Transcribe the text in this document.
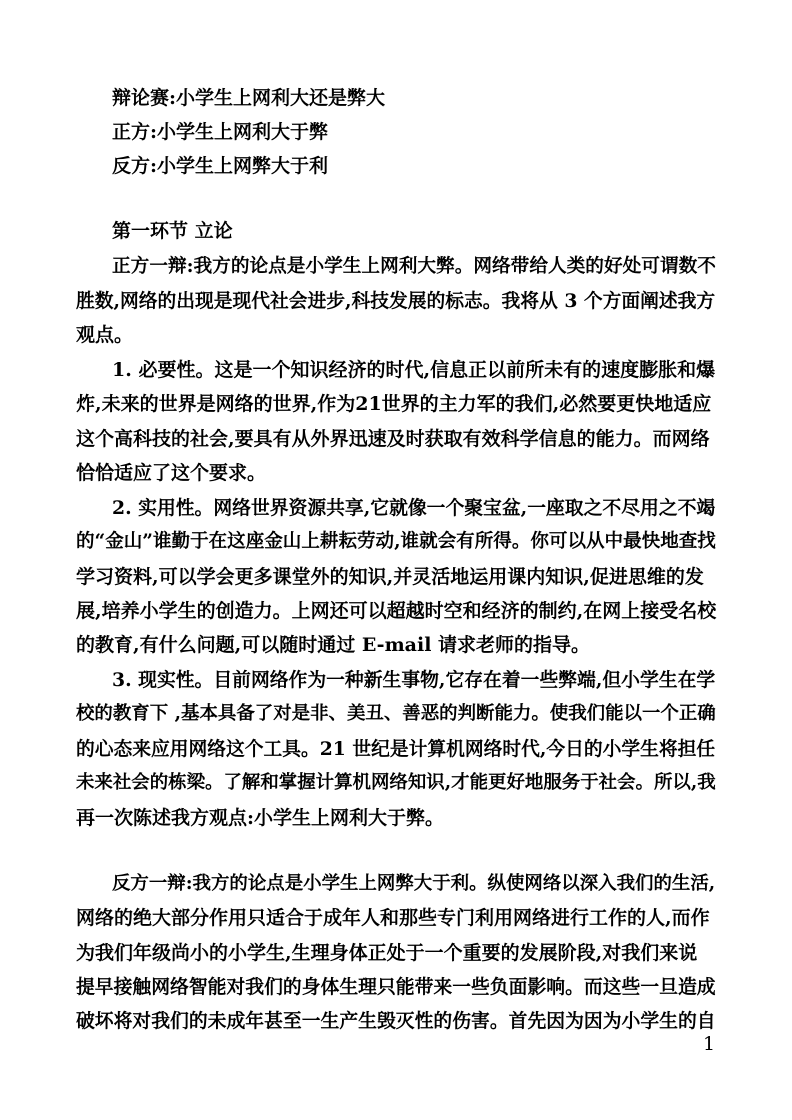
辩论赛:小学生上网利大还是弊大
正方:小学生上网利大于弊
反方:小学生上网弊大于利
第一环节 立论
正方一辩:我方的论点是小学生上网利大弊。网络带给人类的好处可谓数不
胜数,网络的出现是现代社会进步,科技发展的标志。我将从 3 个方面阐述我方
观点。
1. 必要性。这是一个知识经济的时代,信息正以前所未有的速度膨胀和爆
炸,未来的世界是网络的世界,作为21世界的主力军的我们,必然要更快地适应
这个高科技的社会,要具有从外界迅速及时获取有效科学信息的能力。而网络
恰恰适应了这个要求。
2. 实用性。网络世界资源共享,它就像一个聚宝盆,一座取之不尽用之不竭
的“金山”谁勤于在这座金山上耕耘劳动,谁就会有所得。你可以从中最快地查找
学习资料,可以学会更多课堂外的知识,并灵活地运用课内知识,促进思维的发
展,培养小学生的创造力。上网还可以超越时空和经济的制约,在网上接受名校
的教育,有什么问题,可以随时通过 E-mail 请求老师的指导。
3. 现实性。目前网络作为一种新生事物,它存在着一些弊端,但小学生在学
校的教育下 ,基本具备了对是非、美丑、善恶的判断能力。使我们能以一个正确
的心态来应用网络这个工具。21 世纪是计算机网络时代,今日的小学生将担任
未来社会的栋梁。了解和掌握计算机网络知识,才能更好地服务于社会。所以,我
再一次陈述我方观点:小学生上网利大于弊。
反方一辩:我方的论点是小学生上网弊大于利。纵使网络以深入我们的生活,
网络的绝大部分作用只适合于成年人和那些专门利用网络进行工作的人,而作
为我们年级尚小的小学生,生理身体正处于一个重要的发展阶段,对我们来说
提早接触网络智能对我们的身体生理只能带来一些负面影响。而这些一旦造成
破坏将对我们的未成年甚至一生产生毁灭性的伤害。首先因为因为小学生的自
1
